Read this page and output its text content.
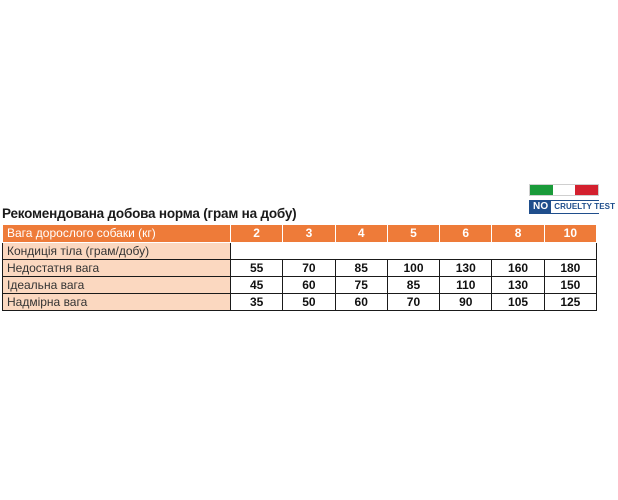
NO CRUELTY TEST
Рекомендована добова норма (грам на добу)
Вага дорослого собаки (кг)	2	3	4	5	6	8	10
Кондиція тіла (грам/добу)							
Недостатня вага	55	70	85	100	130	160	180
Ідеальна вага	45	60	75	85	110	130	150
Надмірна вага	35	50	60	70	90	105	125
